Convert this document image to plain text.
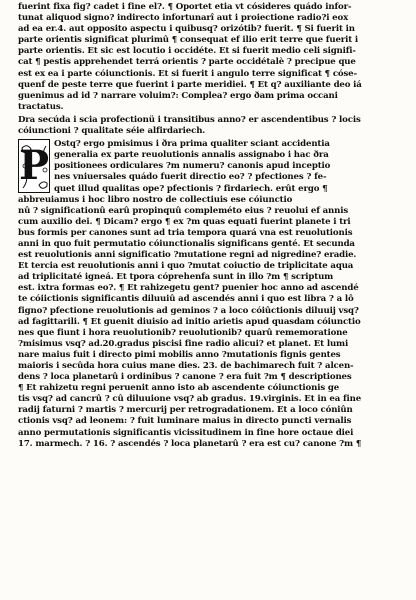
fuerint fixa fig? cadet i fine el?. ¶ Oportet etia vt cósideres quádo infor-
tunat aliquod signo? indirecto infortunarî aut i proiectione radio?i eox
ad ea er.4. aut opposito aspectu i quibusq? orizótib? fuerit. ¶ Si fuerit in
parte orientis significat plurimû ¶ consequat ef ilio erit terre que fuerit i
parte orientis. Et sic est locutio i occidéte. Et si fuerit medio celi signifi-
cat ¶ pestis apprehendet terrá orientis ? parte occidétalè ? precipue que
est ex ea i parte cóiunctionis. Et si fuerit i angulo terre significat ¶ cóse-
quenf de peste terre que fuerint i parte meridiei. ¶ Et q? auxiliante deo iá
guenimus ad id ? narrare voluim?: Complea? ergo ðam prima occani
tractatus.
Dra secúda i scia profectionü i transitibus anno? er ascendentibus ? locis
cóiunctioni ? qualitate séie alfirdariech.
P Ostq? ergo pmisimus i ðra prima qualiter sciant accidentia
generalia ex parte reuolutionis annalis assignabo i hac ðra
positionees ordiculares ?m numeru? canonis apud inceptio
nes vniuersales quádo fuerit directio eo? ? pfectiones ? fe-
quet illud qualitas ope? pfectionis ? firdariech. erût ergo ¶
abbreuiamus i hoc libro nostro de collectiuis ese cóiunctio
nû ? significationû earû propinquû compleméto eius ? reuolui ef annis
cum auxilio dei. ¶ Dicam? ergo ¶ ex ?m quas equati fuerint planete i tri
bus formis per canones sunt ad tria tempora quará vna est reuolutionis
anni in quo fuit permutatio cóiunctionalis significans genté. Et secunda
est reuolutionis anni significatio ?mutatione regni ad nigredine? eradie.
Et tercia est reuolutionis anni i quo ?mutat coiuctio de triplicitate aqua
ad triplicitaté igneá. Et tpora cóprehenfa sunt in illo ?m ¶ scriptum
est. ixtra formas eo?. ¶ Et rahizegetu gent? puenier hoc anno ad ascendé
te cóiictionis significantis diluuiû ad ascendés anni i quo est libra ? a lô
figno? pfectione reuolutionis ad geminos ? a loco cóiûctionis diluuij vsq?
ad fagittarili. ¶ Et guenit diuisio ad initio arietis apud quasdam cóiunctio
nes que fiunt i hora reuolutionib? reuolutionib? quarû rememoratione
?misimus vsq? ad.20.gradus piscisi fine radio alicui? et planet. Et lumi
nare maius fuit i directo pimi mobilis anno ?mutationis fignis gentes
maioris i secûda hora cuius mane dies. 23. de bachimarech fuit ? alcen-
dens ? loca planetarû i ordinibus ? canone ? era fuit ?m ¶ descriptiones
¶ Et rahizetu regni peruenit anno isto ab ascendente cóiunctionis ge
tis vsq? ad cancrû ? cû diluuione vsq? ab gradus. 19.virginis. Et in ea fine
radij faturni ? martis ? mercurij per retrogradationem. Et a loco cóniûn
ctionis vsq? ad leonem: ? fuit luminare maius in directo puncti vernalis
anno permutationis significantis vicissitudinem in fine hore octaue diei
17. marmech. ? 16. ? ascendés ? loca planetarû ? era est cu? canone ?m ¶
